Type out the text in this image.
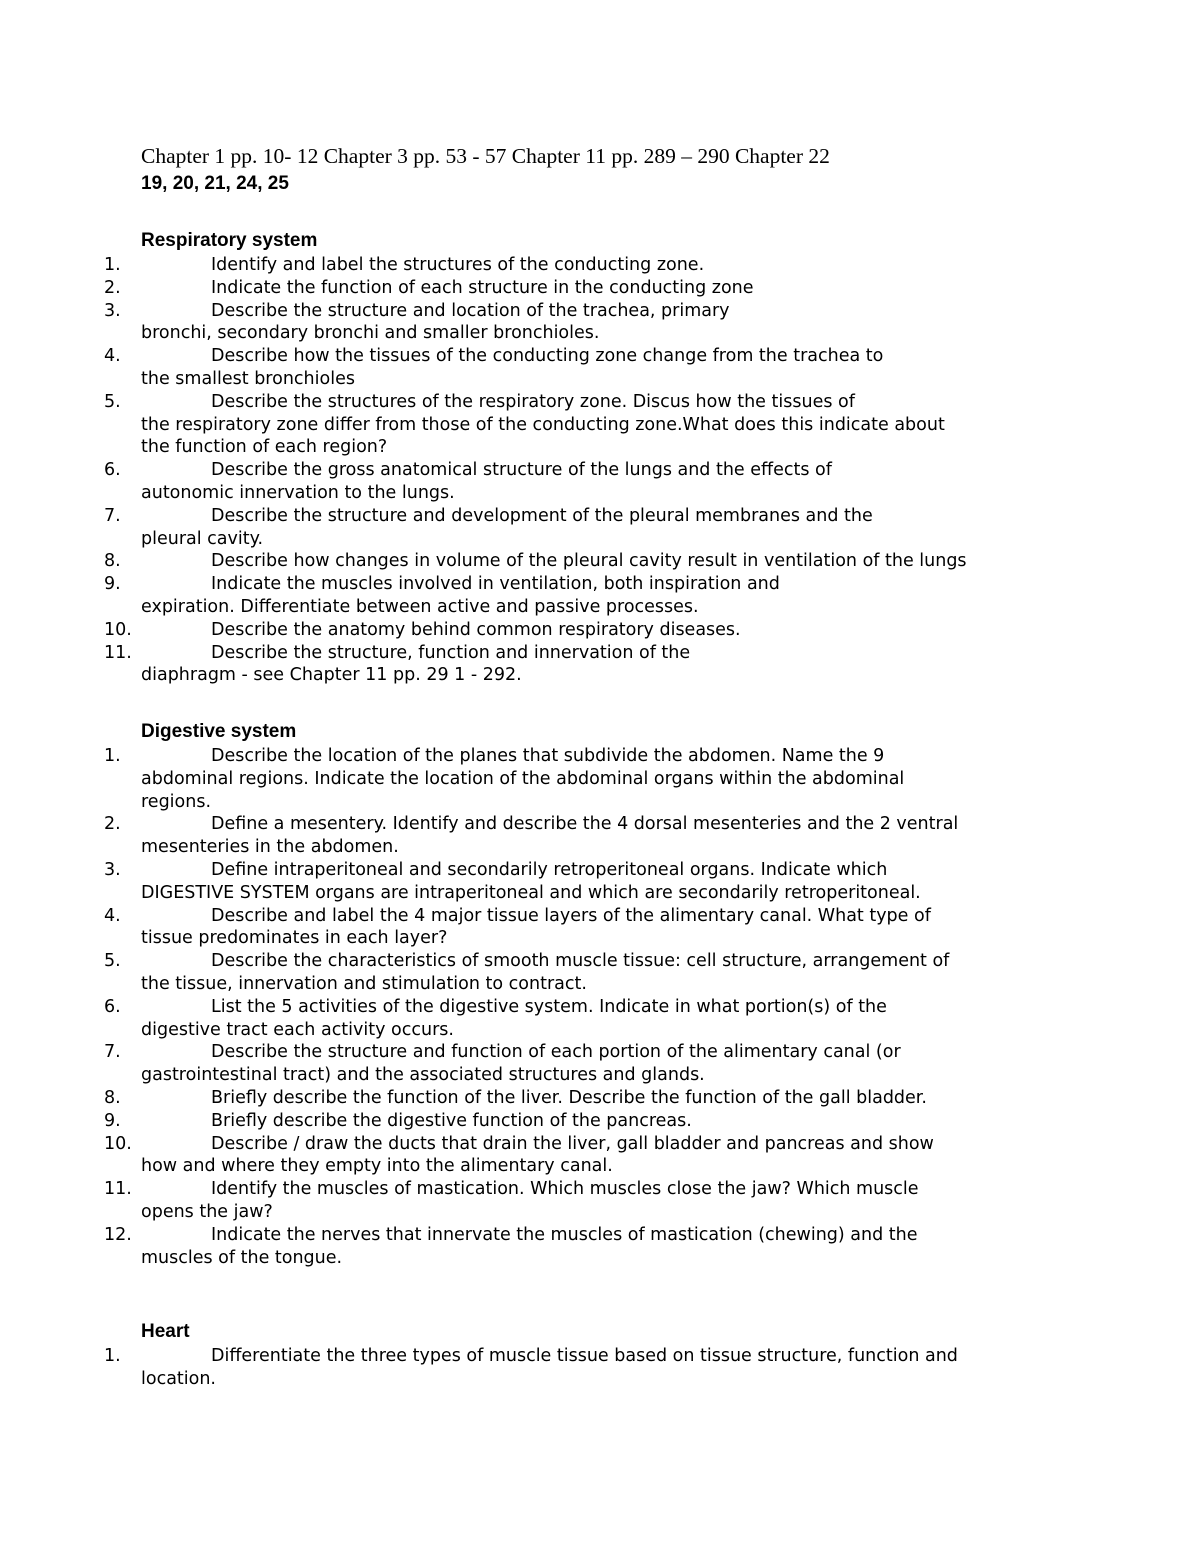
Chapter 1 pp. 10- 12 Chapter 3 pp. 53 - 57 Chapter 11 pp. 289 – 290 Chapter 22
19, 20, 21, 24, 25
Respiratory system
1.	Identify and label the structures of the conducting zone.
2.	Indicate the function of each structure in the conducting zone
3.	Describe the structure and location of the trachea, primary
bronchi, secondary bronchi and smaller bronchioles.
4.	Describe how the tissues of the conducting zone change from the trachea to
the smallest bronchioles
5.	Describe the structures of the respiratory zone. Discus how the tissues of
the respiratory zone differ from those of the conducting zone.What does this indicate about
the function of each region?
6.	Describe the gross anatomical structure of the lungs and the effects of
autonomic innervation to the lungs.
7.	Describe the structure and development of the pleural membranes and the
pleural cavity.
8.	Describe how changes in volume of the pleural cavity result in ventilation of the lungs
9.	Indicate the muscles involved in ventilation, both inspiration and
expiration. Differentiate between active and passive processes.
10.	Describe the anatomy behind common respiratory diseases.
11.	Describe the structure, function and innervation of the
diaphragm - see Chapter 11 pp. 29 1 - 292.
Digestive system
1.	Describe the location of the planes that subdivide the abdomen. Name the 9
abdominal regions. Indicate the location of the abdominal organs within the abdominal
regions.
2.	Define a mesentery. Identify and describe the 4 dorsal mesenteries and the 2 ventral
mesenteries in the abdomen.
3.	Define intraperitoneal and secondarily retroperitoneal organs. Indicate which
DIGESTIVE SYSTEM organs are intraperitoneal and which are secondarily retroperitoneal.
4.	Describe and label the 4 major tissue layers of the alimentary canal. What type of
tissue predominates in each layer?
5.	Describe the characteristics of smooth muscle tissue: cell structure, arrangement of
the tissue, innervation and stimulation to contract.
6.	List the 5 activities of the digestive system. Indicate in what portion(s) of the
digestive tract each activity occurs.
7.	Describe the structure and function of each portion of the alimentary canal (or
gastrointestinal tract) and the associated structures and glands.
8.	Briefly describe the function of the liver. Describe the function of the gall bladder.
9.	Briefly describe the digestive function of the pancreas.
10.	Describe / draw the ducts that drain the liver, gall bladder and pancreas and show
how and where they empty into the alimentary canal.
11.	Identify the muscles of mastication. Which muscles close the jaw? Which muscle
opens the jaw?
12.	Indicate the nerves that innervate the muscles of mastication (chewing) and the
muscles of the tongue.
Heart
1.	Differentiate the three types of muscle tissue based on tissue structure, function and
location.
